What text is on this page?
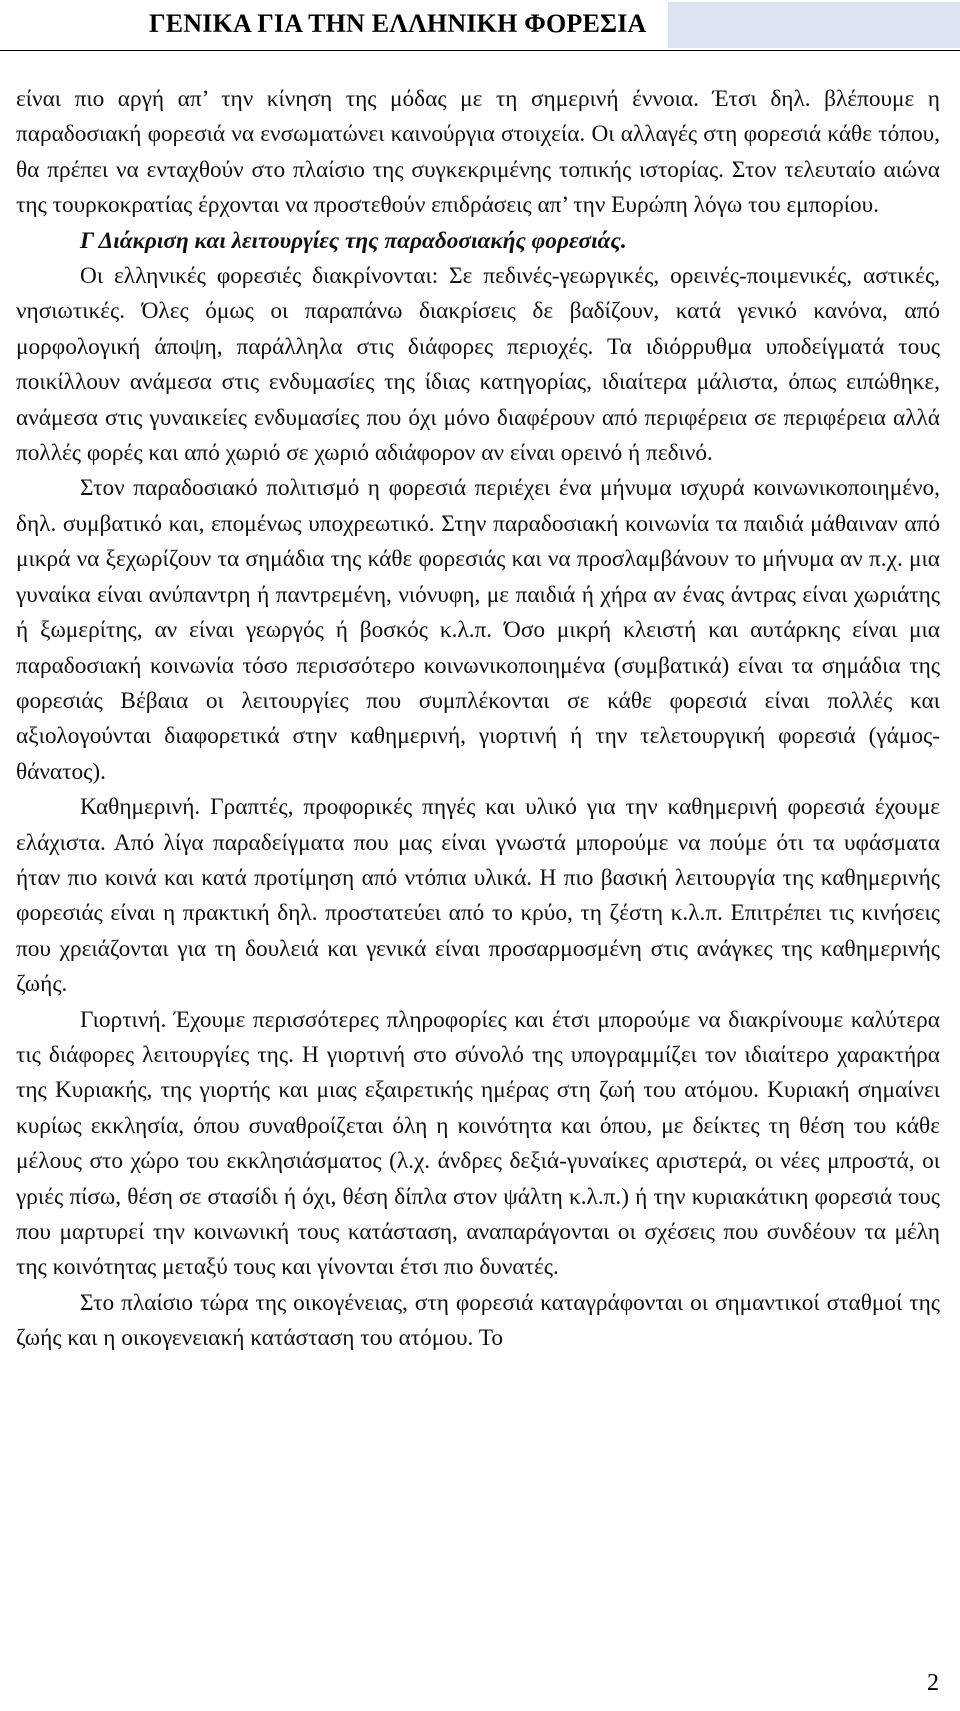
ΓΕΝΙΚΑ ΓΙΑ ΤΗΝ ΕΛΛΗΝΙΚΗ ΦΟΡΕΣΙΑ

είναι πιο αργή απ’ την κίνηση της μόδας με τη σημερινή έννοια. Έτσι δηλ. βλέπουμε η παραδοσιακή φορεσιά να ενσωματώνει καινούργια στοιχεία. Οι αλλαγές στη φορεσιά κάθε τόπου, θα πρέπει να ενταχθούν στο πλαίσιο της συγκεκριμένης τοπικής ιστορίας. Στον τελευταίο αιώνα της τουρκοκρατίας έρχονται να προστεθούν επιδράσεις απ’ την Ευρώπη λόγω του εμπορίου.

Γ Διάκριση και λειτουργίες της παραδοσιακής φορεσιάς.

Οι ελληνικές φορεσιές διακρίνονται: Σε πεδινές-γεωργικές, ορεινές-ποιμενικές, αστικές, νησιωτικές. Όλες όμως οι παραπάνω διακρίσεις δε βαδίζουν, κατά γενικό κανόνα, από μορφολογική άποψη, παράλληλα στις διάφορες περιοχές. Τα ιδιόρρυθμα υποδείγματά τους ποικίλλουν ανάμεσα στις ενδυμασίες της ίδιας κατηγορίας, ιδιαίτερα μάλιστα, όπως ειπώθηκε, ανάμεσα στις γυναικείες ενδυμασίες που όχι μόνο διαφέρουν από περιφέρεια σε περιφέρεια αλλά πολλές φορές και από χωριό σε χωριό αδιάφορον αν είναι ορεινό ή πεδινό.

Στον παραδοσιακό πολιτισμό η φορεσιά περιέχει ένα μήνυμα ισχυρά κοινωνικοποιημένο, δηλ. συμβατικό και, επομένως υποχρεωτικό. Στην παραδοσιακή κοινωνία τα παιδιά μάθαιναν από μικρά να ξεχωρίζουν τα σημάδια της κάθε φορεσιάς και να προσλαμβάνουν το μήνυμα αν π.χ. μια γυναίκα είναι ανύπαντρη ή παντρεμένη, νιόνυφη, με παιδιά ή χήρα αν ένας άντρας είναι χωριάτης ή ξωμερίτης, αν είναι γεωργός ή βοσκός κ.λ.π. Όσο μικρή κλειστή και αυτάρκης είναι μια παραδοσιακή κοινωνία τόσο περισσότερο κοινωνικοποιημένα (συμβατικά) είναι τα σημάδια της φορεσιάς Βέβαια οι λειτουργίες που συμπλέκονται σε κάθε φορεσιά είναι πολλές και αξιολογούνται διαφορετικά στην καθημερινή, γιορτινή ή την τελετουργική φορεσιά (γάμος-θάνατος).

Καθημερινή. Γραπτές, προφορικές πηγές και υλικό για την καθημερινή φορεσιά έχουμε ελάχιστα. Από λίγα παραδείγματα που μας είναι γνωστά μπορούμε να πούμε ότι τα υφάσματα ήταν πιο κοινά και κατά προτίμηση από ντόπια υλικά. Η πιο βασική λειτουργία της καθημερινής φορεσιάς είναι η πρακτική δηλ. προστατεύει από το κρύο, τη ζέστη κ.λ.π. Επιτρέπει τις κινήσεις που χρειάζονται για τη δουλειά και γενικά είναι προσαρμοσμένη στις ανάγκες της καθημερινής ζωής.

Γιορτινή. Έχουμε περισσότερες πληροφορίες και έτσι μπορούμε να διακρίνουμε καλύτερα τις διάφορες λειτουργίες της. Η γιορτινή στο σύνολό της υπογραμμίζει τον ιδιαίτερο χαρακτήρα της Κυριακής, της γιορτής και μιας εξαιρετικής ημέρας στη ζωή του ατόμου. Κυριακή σημαίνει κυρίως εκκλησία, όπου συναθροίζεται όλη η κοινότητα και όπου, με δείκτες τη θέση του κάθε μέλους στο χώρο του εκκλησιάσματος (λ.χ. άνδρες δεξιά-γυναίκες αριστερά, οι νέες μπροστά, οι γριές πίσω, θέση σε στασίδι ή όχι, θέση δίπλα στον ψάλτη κ.λ.π.) ή την κυριακάτικη φορεσιά τους που μαρτυρεί την κοινωνική τους κατάσταση, αναπαράγονται οι σχέσεις που συνδέουν τα μέλη της κοινότητας μεταξύ τους και γίνονται έτσι πιο δυνατές.

Στο πλαίσιο τώρα της οικογένειας, στη φορεσιά καταγράφονται οι σημαντικοί σταθμοί της ζωής και η οικογενειακή κατάσταση του ατόμου. Το

2
